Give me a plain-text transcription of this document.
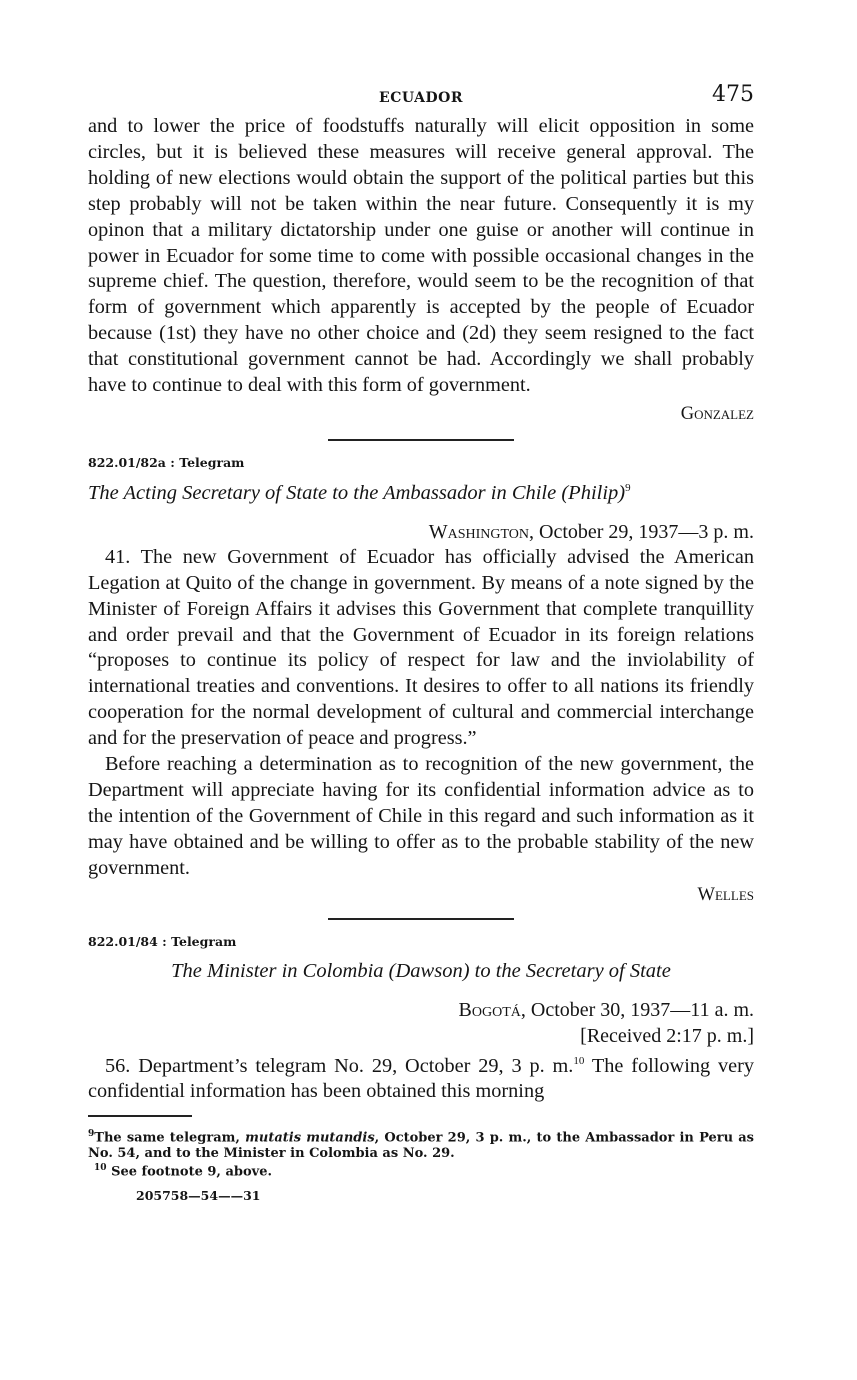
ECUADOR	475

and to lower the price of foodstuffs naturally will elicit opposition in some circles, but it is believed these measures will receive general approval. The holding of new elections would obtain the support of the political parties but this step probably will not be taken within the near future. Consequently it is my opinon that a military dictatorship under one guise or another will continue in power in Ecuador for some time to come with possible occasional changes in the supreme chief. The question, therefore, would seem to be the recognition of that form of government which apparently is accepted by the people of Ecuador because (1st) they have no other choice and (2d) they seem resigned to the fact that constitutional government cannot be had. Accordingly we shall probably have to continue to deal with this form of government.

Gonzalez

822.01/82a : Telegram

The Acting Secretary of State to the Ambassador in Chile (Philip)$^9$

Washington, October 29, 1937—3 p. m.

41. The new Government of Ecuador has officially advised the American Legation at Quito of the change in government. By means of a note signed by the Minister of Foreign Affairs it advises this Government that complete tranquillity and order prevail and that the Government of Ecuador in its foreign relations “proposes to continue its policy of respect for law and the inviolability of international treaties and conventions. It desires to offer to all nations its friendly cooperation for the normal development of cultural and commercial interchange and for the preservation of peace and progress.”

Before reaching a determination as to recognition of the new government, the Department will appreciate having for its confidential information advice as to the intention of the Government of Chile in this regard and such information as it may have obtained and be willing to offer as to the probable stability of the new government.

Welles

822.01/84 : Telegram

The Minister in Colombia (Dawson) to the Secretary of State

Bogotá, October 30, 1937—11 a. m.

[Received 2:17 p. m.]

56. Department’s telegram No. 29, October 29, 3 p. m.$^{10}$ The following very confidential information has been obtained this morning

$^9$The same telegram, mutatis mutandis, October 29, 3 p. m., to the Ambassador in Peru as No. 54, and to the Minister in Colombia as No. 29.

$^{10}$ See footnote 9, above.

205758—54——31
